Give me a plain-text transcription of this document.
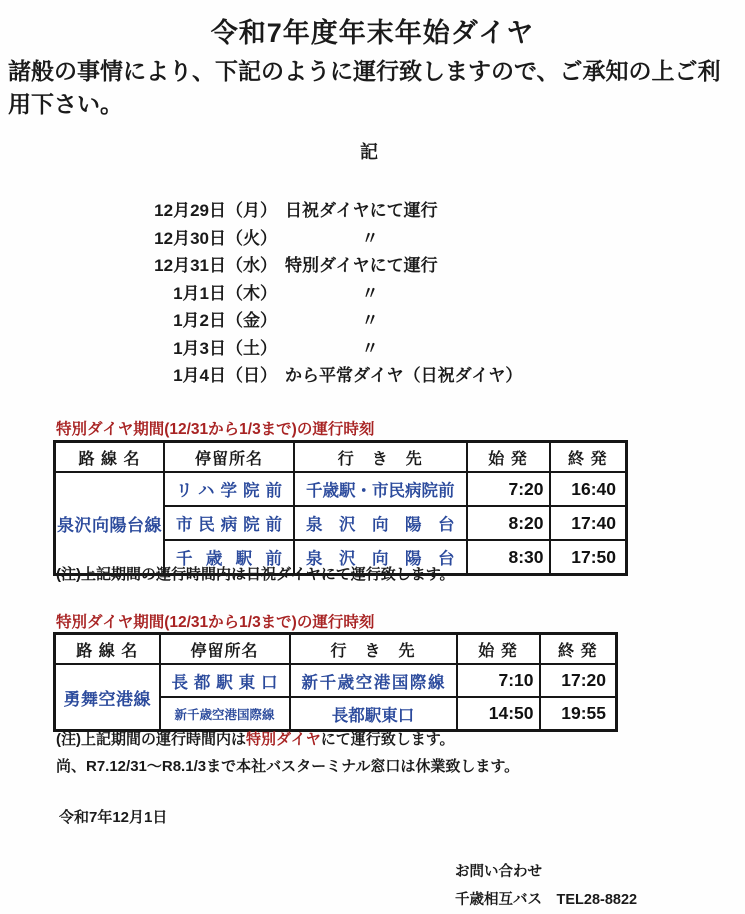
令和7年度年末年始ダイヤ
諸般の事情により、下記のように運行致しますので、ご承知の上ご利用下さい。
記
12月29日（月） 日祝ダイヤにて運行
12月30日（火）	〃
12月31日（水） 特別ダイヤにて運行
1月1日（木）	〃
1月2日（金）	〃
1月3日（土）	〃
1月4日（日） から平常ダイヤ（日祝ダイヤ）
特別ダイヤ期間(12/31から1/3まで)の運行時刻
路 線 名	停留所名	行　き　先	始 発	終 発
泉沢向陽台線	リハ学院前	千歳駅・市民病院前	7:20	16:40
	市民病院前	泉沢向陽台	8:20	17:40
	千歳駅前	泉沢向陽台	8:30	17:50
(注)上記期間の運行時間内は日祝ダイヤにて運行致します。
特別ダイヤ期間(12/31から1/3まで)の運行時刻
路 線 名	停留所名	行　き　先	始 発	終 発
勇舞空港線	長都駅東口	新千歳空港国際線	7:10	17:20
	新千歳空港国際線	長都駅東口	14:50	19:55
(注)上記期間の運行時間内は特別ダイヤにて運行致します。
尚、R7.12/31～R8.1/3まで本社バスターミナル窓口は休業致します。
令和7年12月1日
お問い合わせ
千歳相互バス　TEL28-8822
